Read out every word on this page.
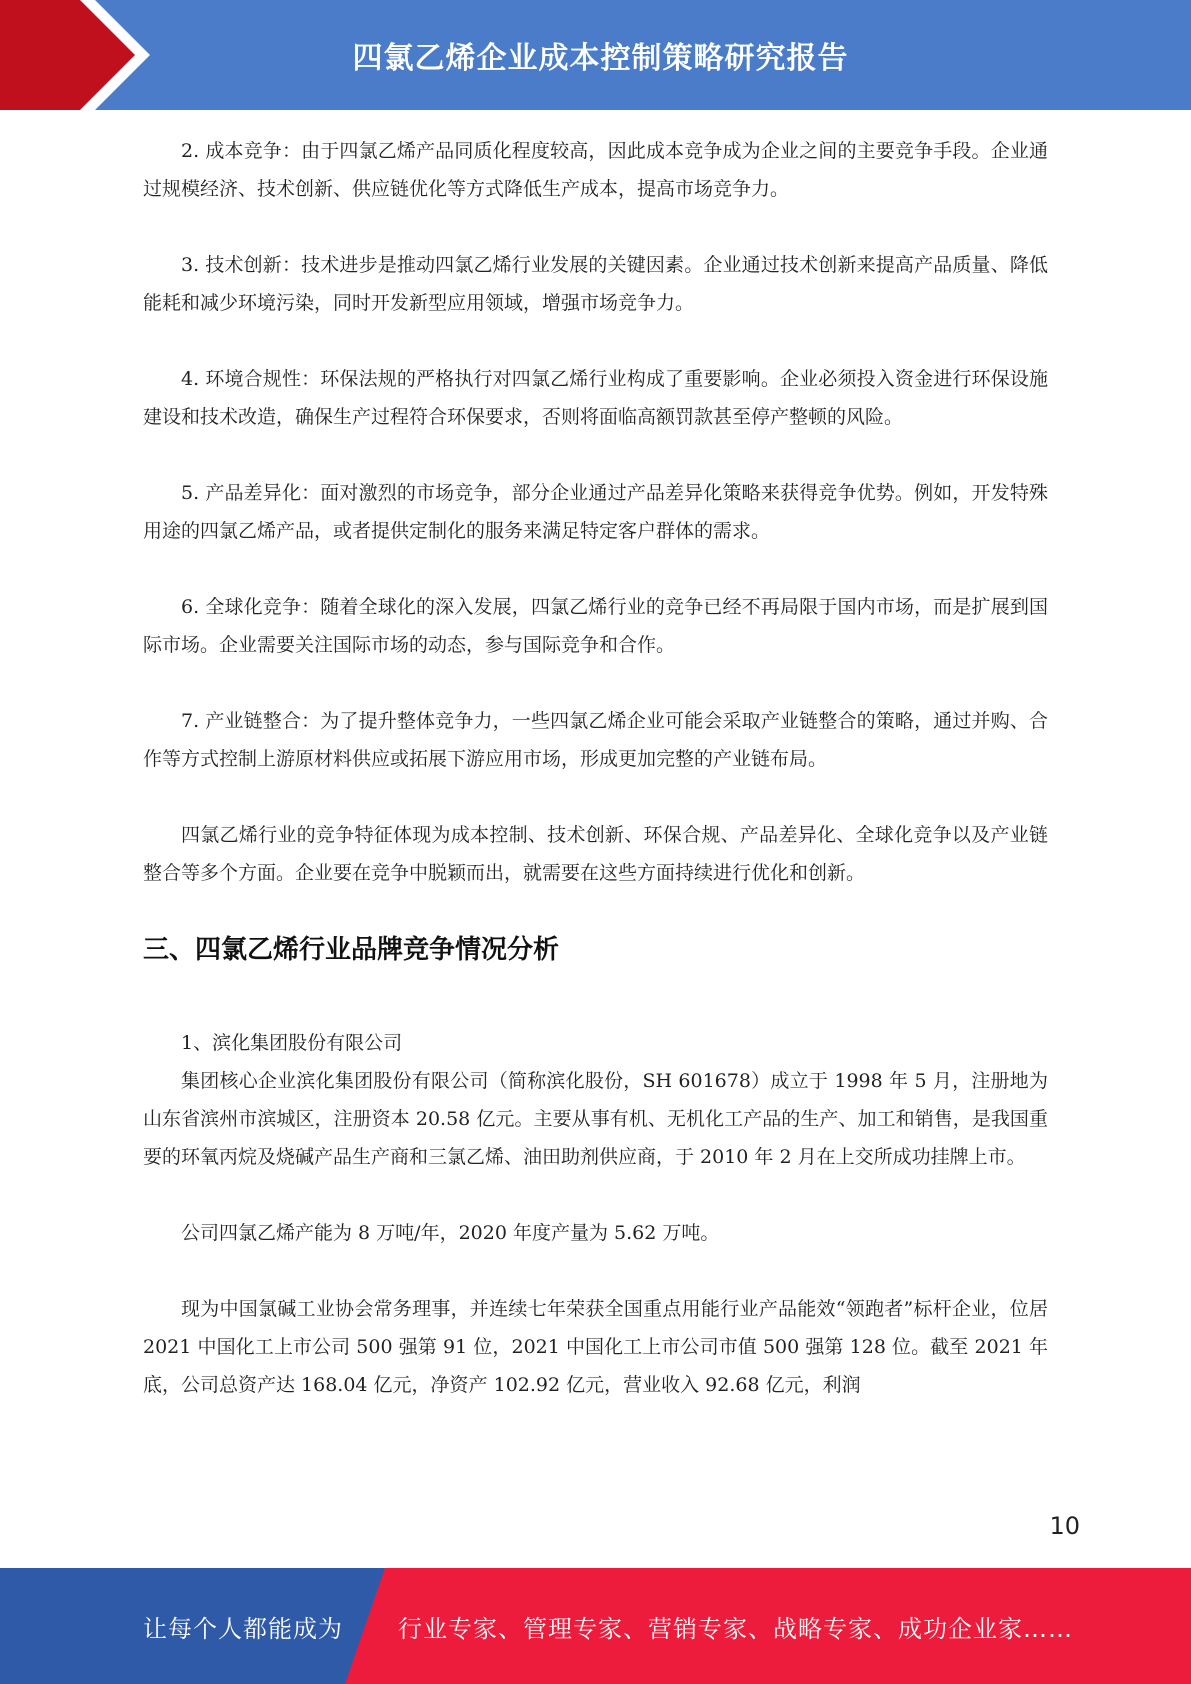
四氯乙烯企业成本控制策略研究报告

2. 成本竞争：由于四氯乙烯产品同质化程度较高，因此成本竞争成为企业之间的主要竞争手段。企业通过规模经济、技术创新、供应链优化等方式降低生产成本，提高市场竞争力。

3. 技术创新：技术进步是推动四氯乙烯行业发展的关键因素。企业通过技术创新来提高产品质量、降低能耗和减少环境污染，同时开发新型应用领域，增强市场竞争力。

4. 环境合规性：环保法规的严格执行对四氯乙烯行业构成了重要影响。企业必须投入资金进行环保设施建设和技术改造，确保生产过程符合环保要求，否则将面临高额罚款甚至停产整顿的风险。

5. 产品差异化：面对激烈的市场竞争，部分企业通过产品差异化策略来获得竞争优势。例如，开发特殊用途的四氯乙烯产品，或者提供定制化的服务来满足特定客户群体的需求。

6. 全球化竞争：随着全球化的深入发展，四氯乙烯行业的竞争已经不再局限于国内市场，而是扩展到国际市场。企业需要关注国际市场的动态，参与国际竞争和合作。

7. 产业链整合：为了提升整体竞争力，一些四氯乙烯企业可能会采取产业链整合的策略，通过并购、合作等方式控制上游原材料供应或拓展下游应用市场，形成更加完整的产业链布局。

四氯乙烯行业的竞争特征体现为成本控制、技术创新、环保合规、产品差异化、全球化竞争以及产业链整合等多个方面。企业要在竞争中脱颖而出，就需要在这些方面持续进行优化和创新。

三、四氯乙烯行业品牌竞争情况分析

1、滨化集团股份有限公司

集团核心企业滨化集团股份有限公司（简称滨化股份，SH 601678）成立于 1998 年 5 月，注册地为山东省滨州市滨城区，注册资本 20.58 亿元。主要从事有机、无机化工产品的生产、加工和销售，是我国重要的环氧丙烷及烧碱产品生产商和三氯乙烯、油田助剂供应商，于 2010 年 2 月在上交所成功挂牌上市。

公司四氯乙烯产能为 8 万吨/年，2020 年度产量为 5.62 万吨。

现为中国氯碱工业协会常务理事，并连续七年荣获全国重点用能行业产品能效“领跑者”标杆企业，位居 2021 中国化工上市公司 500 强第 91 位，2021 中国化工上市公司市值 500 强第 128 位。截至 2021 年底，公司总资产达 168.04 亿元，净资产 102.92 亿元，营业收入 92.68 亿元，利润

10
让每个人都能成为 行业专家、管理专家、营销专家、战略专家、成功企业家……
